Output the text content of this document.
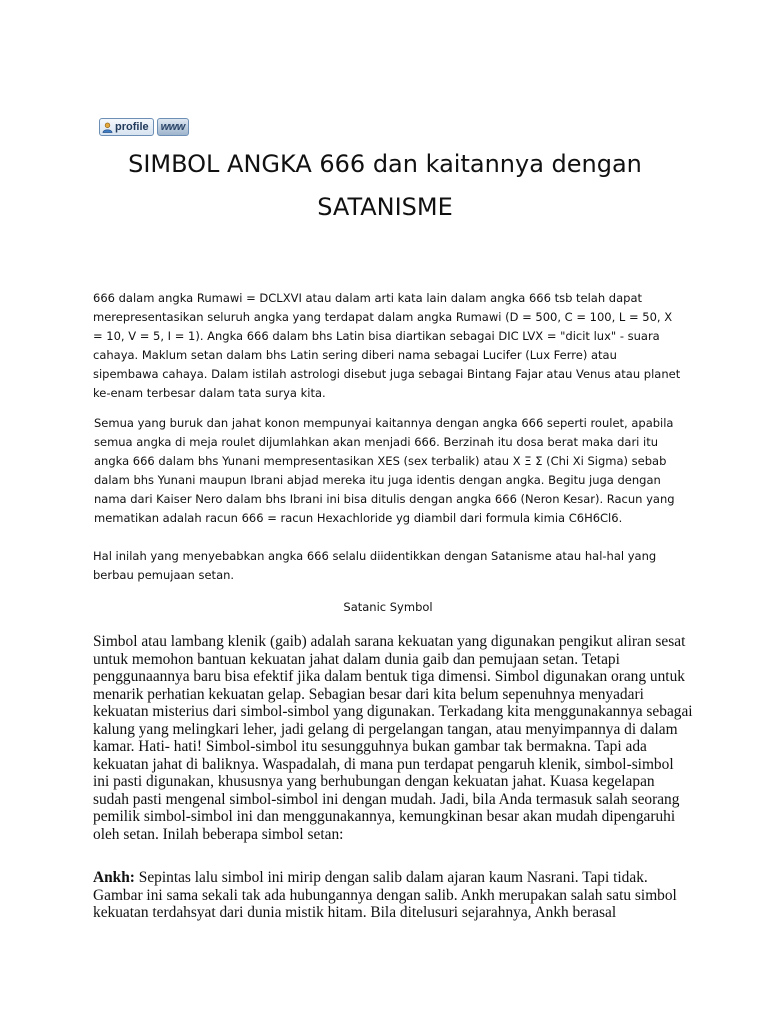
profile	www
SIMBOL ANGKA 666 dan kaitannya dengan SATANISME

666 dalam angka Rumawi = DCLXVI atau dalam arti kata lain dalam angka 666 tsb telah dapat merepresentasikan seluruh angka yang terdapat dalam angka Rumawi (D = 500, C = 100, L = 50, X = 10, V = 5, I = 1). Angka 666 dalam bhs Latin bisa diartikan sebagai DIC LVX = "dicit lux" - suara cahaya. Maklum setan dalam bhs Latin sering diberi nama sebagai Lucifer (Lux Ferre) atau sipembawa cahaya. Dalam istilah astrologi disebut juga sebagai Bintang Fajar atau Venus atau planet ke-enam terbesar dalam tata surya kita.

Semua yang buruk dan jahat konon mempunyai kaitannya dengan angka 666 seperti roulet, apabila semua angka di meja roulet dijumlahkan akan menjadi 666. Berzinah itu dosa berat maka dari itu angka 666 dalam bhs Yunani mempresentasikan XES (sex terbalik) atau Χ Ξ Σ (Chi Xi Sigma) sebab dalam bhs Yunani maupun Ibrani abjad mereka itu juga identis dengan angka. Begitu juga dengan nama dari Kaiser Nero dalam bhs Ibrani ini bisa ditulis dengan angka 666 (Neron Kesar). Racun yang mematikan adalah racun 666 = racun Hexachloride yg diambil dari formula kimia C6H6Cl6.

Hal inilah yang menyebabkan angka 666 selalu diidentikkan dengan Satanisme atau hal-hal yang berbau pemujaan setan.

Satanic Symbol

Simbol atau lambang klenik (gaib) adalah sarana kekuatan yang digunakan pengikut aliran sesat untuk memohon bantuan kekuatan jahat dalam dunia gaib dan pemujaan setan. Tetapi penggunaannya baru bisa efektif jika dalam bentuk tiga dimensi. Simbol digunakan orang untuk menarik perhatian kekuatan gelap. Sebagian besar dari kita belum sepenuhnya menyadari kekuatan misterius dari simbol-simbol yang digunakan. Terkadang kita menggunakannya sebagai kalung yang melingkari leher, jadi gelang di pergelangan tangan, atau menyimpannya di dalam kamar. Hati- hati! Simbol-simbol itu sesungguhnya bukan gambar tak bermakna. Tapi ada kekuatan jahat di baliknya. Waspadalah, di mana pun terdapat pengaruh klenik, simbol-simbol ini pasti digunakan, khususnya yang berhubungan dengan kekuatan jahat. Kuasa kegelapan sudah pasti mengenal simbol-simbol ini dengan mudah. Jadi, bila Anda termasuk salah seorang pemilik simbol-simbol ini dan menggunakannya, kemungkinan besar akan mudah dipengaruhi oleh setan. Inilah beberapa simbol setan:

Ankh: Sepintas lalu simbol ini mirip dengan salib dalam ajaran kaum Nasrani. Tapi tidak. Gambar ini sama sekali tak ada hubungannya dengan salib. Ankh merupakan salah satu simbol kekuatan terdahsyat dari dunia mistik hitam. Bila ditelusuri sejarahnya, Ankh berasal
